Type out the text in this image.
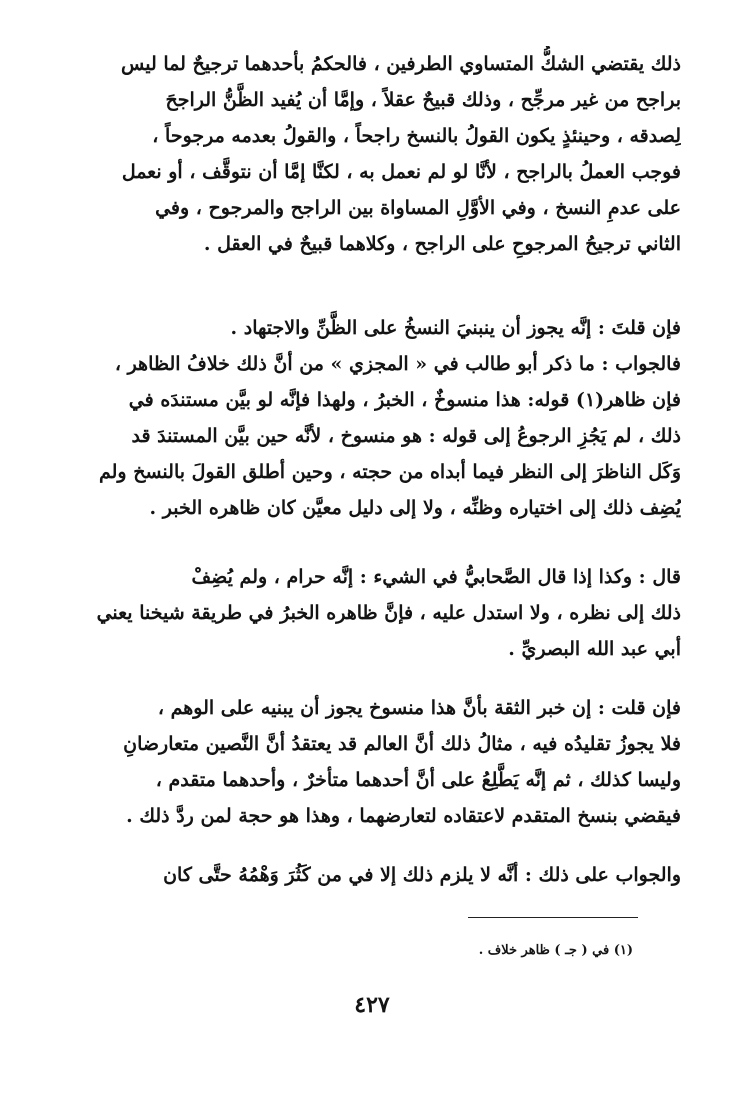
ذلك يقتضي الشكُّ المتساوي الطرفين ، فالحكمُ بأحدهما ترجيحٌ لما ليس
براجح من غير مرجِّح ، وذلك قبيحٌ عقلاً ، وإمَّا أن يُفيد الظَّنُّ الراجحَ
لِصدقه ، وحينئذٍ يكون القولُ بالنسخ راجحاً ، والقولُ بعدمه مرجوحاً ،
فوجب العملُ بالراجح ، لأنَّا لو لم نعمل به ، لكنَّا إمَّا أن نتوقَّف ، أو نعمل
على عدمِ النسخ ، وفي الأوَّلِ المساواة بين الراجح والمرجوح ، وفي
الثاني ترجيحُ المرجوحِ على الراجح ، وكلاهما قبيحٌ في العقل .
فإن قلتَ : إنَّه يجوز أن ينبنيَ النسخُ على الظَّنِّ والاجتهاد .
فالجواب : ما ذكر أبو طالب في « المجزي » من أنَّ ذلك خلافُ الظاهر ،
فإن ظاهر(١) قوله: هذا منسوخٌ ، الخبرُ ، ولهذا فإنَّه لو بيَّن مستندَه في
ذلك ، لم يَجُزِ الرجوعُ إلى قوله : هو منسوخ ، لأنَّه حين بيَّن المستندَ قد
وَكَل الناظرَ إلى النظر فيما أبداه من حجته ، وحين أطلق القولَ بالنسخ ولم
يُضِف ذلك إلى اختياره وظنِّه ، ولا إلى دليل معيَّن كان ظاهره الخبر .
قال : وكذا إذا قال الصَّحابيُّ في الشيء : إنَّه حرام ، ولم يُضِفْ
ذلك إلى نظره ، ولا استدل عليه ، فإنَّ ظاهره الخبرُ في طريقة شيخنا يعني
أبي عبد الله البصريِّ .
فإن قلت : إن خبر الثقة بأنَّ هذا منسوخ يجوز أن يبنيه على الوهم ،
فلا يجوزُ تقليدُه فيه ، مثالُ ذلك أنَّ العالم قد يعتقدُ أنَّ النَّصين متعارضانِ
وليسا كذلك ، ثم إنَّه يَطَّلِعُ على أنَّ أحدهما متأخرٌ ، وأحدهما متقدم ،
فيقضي بنسخ المتقدم لاعتقاده لتعارضهما ، وهذا هو حجة لمن ردَّ ذلك .
والجواب على ذلك : أنَّه لا يلزم ذلك إلا في من كَثُرَ وَهْمُهُ حتَّى كان
(١) في ( جـ ) ظاهر خلاف .
٤٢٧
